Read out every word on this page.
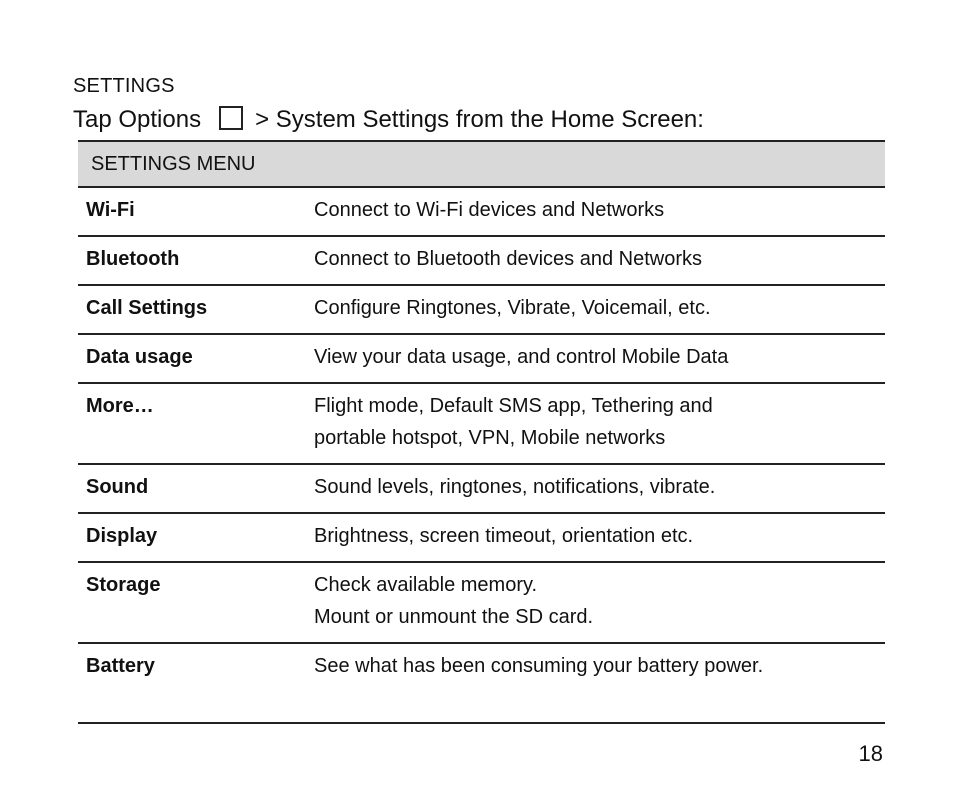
SETTINGS
Tap Options > System Settings from the Home Screen:
SETTINGS MENU
Wi-Fi	Connect to Wi-Fi devices and Networks
Bluetooth	Connect to Bluetooth devices and Networks
Call Settings	Configure Ringtones, Vibrate, Voicemail, etc.
Data usage	View your data usage, and control Mobile Data
More…	Flight mode, Default SMS app, Tethering and
portable hotspot, VPN, Mobile networks
Sound	Sound levels, ringtones, notifications, vibrate.
Display	Brightness, screen timeout, orientation etc.
Storage	Check available memory.
Mount or unmount the SD card.
Battery	See what has been consuming your battery power.
18
